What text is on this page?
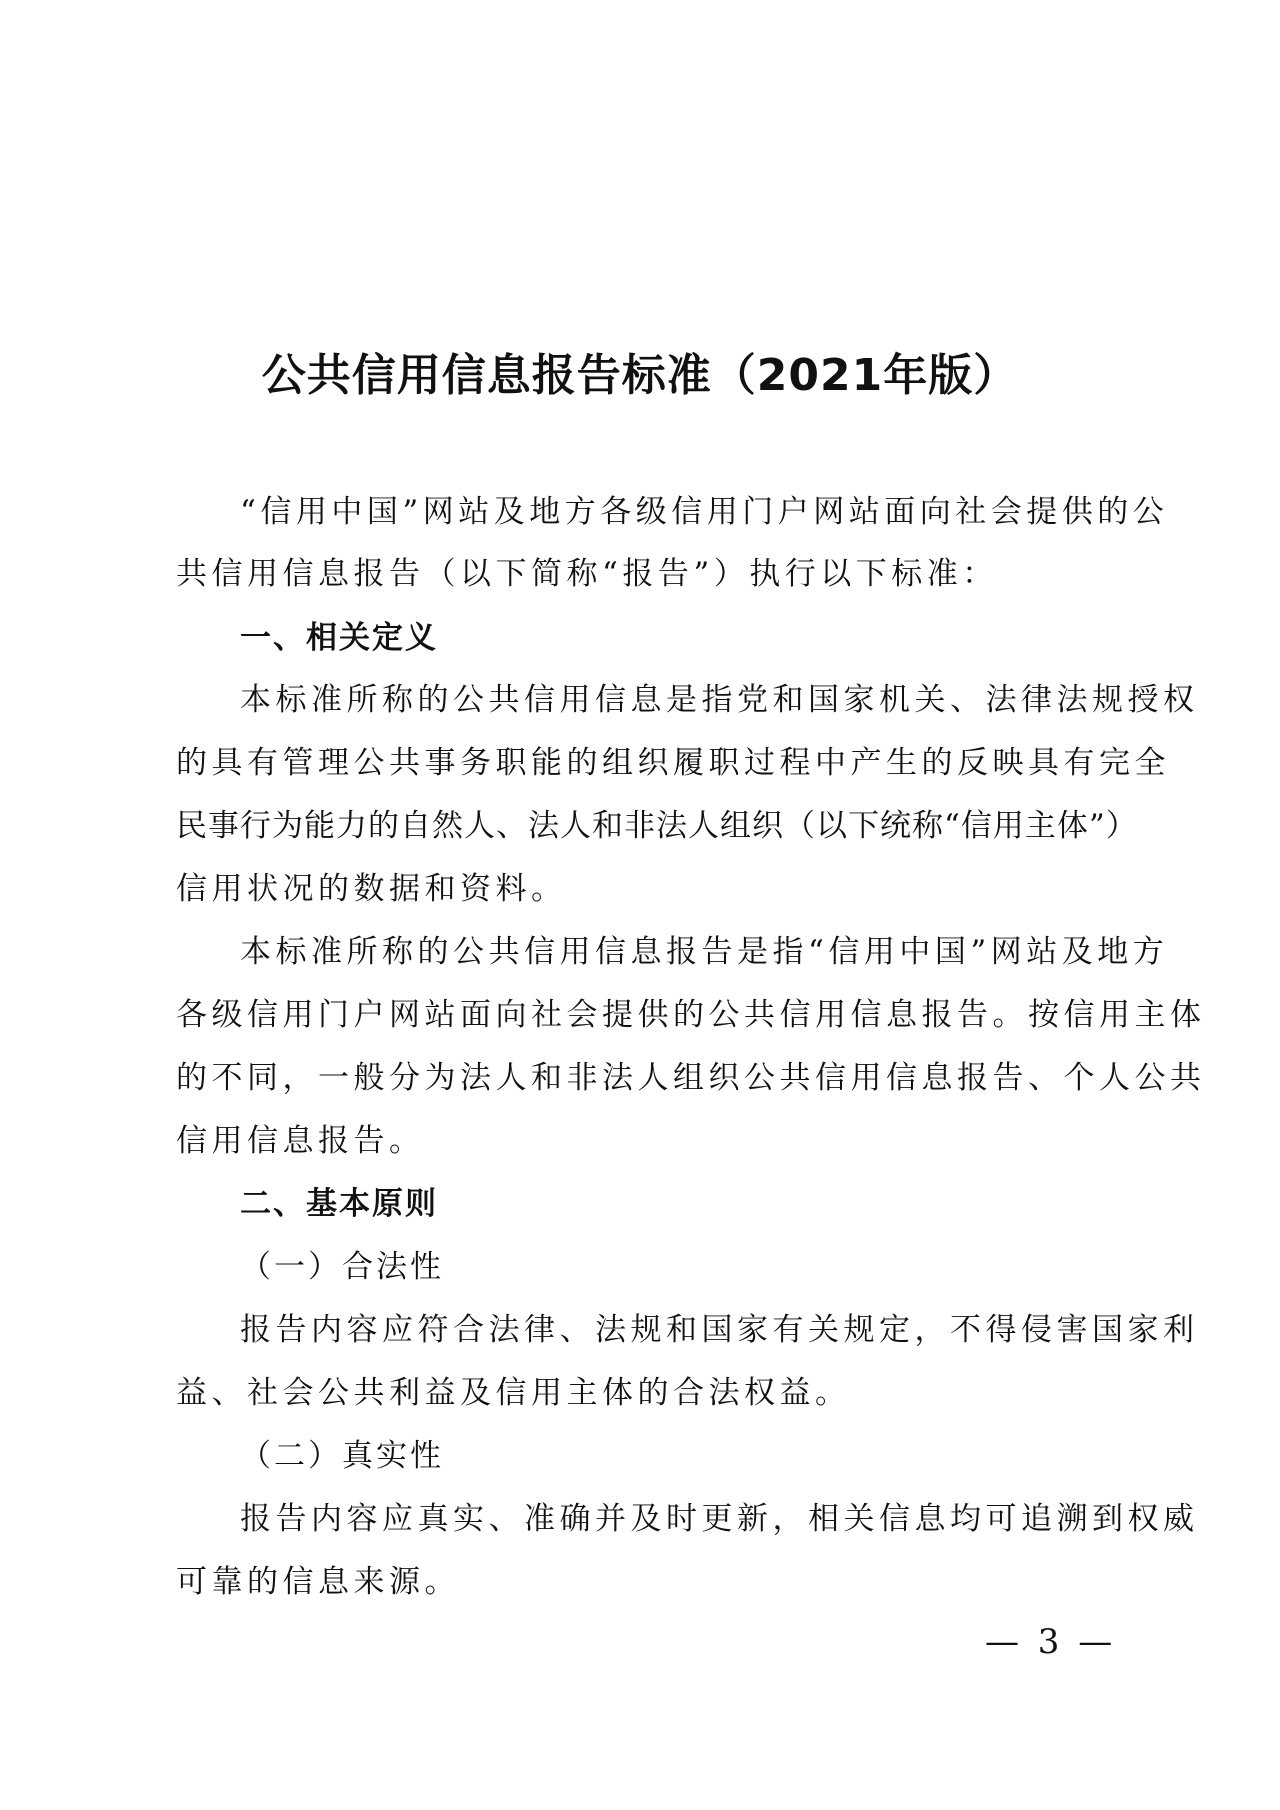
公共信用信息报告标准（2021年版）

“信用中国”网站及地方各级信用门户网站面向社会提供的公

共信用信息报告（以下简称“报告”）执行以下标准：

一、相关定义

本标准所称的公共信用信息是指党和国家机关、法律法规授权

的具有管理公共事务职能的组织履职过程中产生的反映具有完全

民事行为能力的自然人、法人和非法人组织（以下统称“信用主体”）

信用状况的数据和资料。

本标准所称的公共信用信息报告是指“信用中国”网站及地方

各级信用门户网站面向社会提供的公共信用信息报告。按信用主体

的不同，一般分为法人和非法人组织公共信用信息报告、个人公共

信用信息报告。

二、基本原则

（一）合法性

报告内容应符合法律、法规和国家有关规定，不得侵害国家利

益、社会公共利益及信用主体的合法权益。

（二）真实性

报告内容应真实、准确并及时更新，相关信息均可追溯到权威

可靠的信息来源。

— 3 —
